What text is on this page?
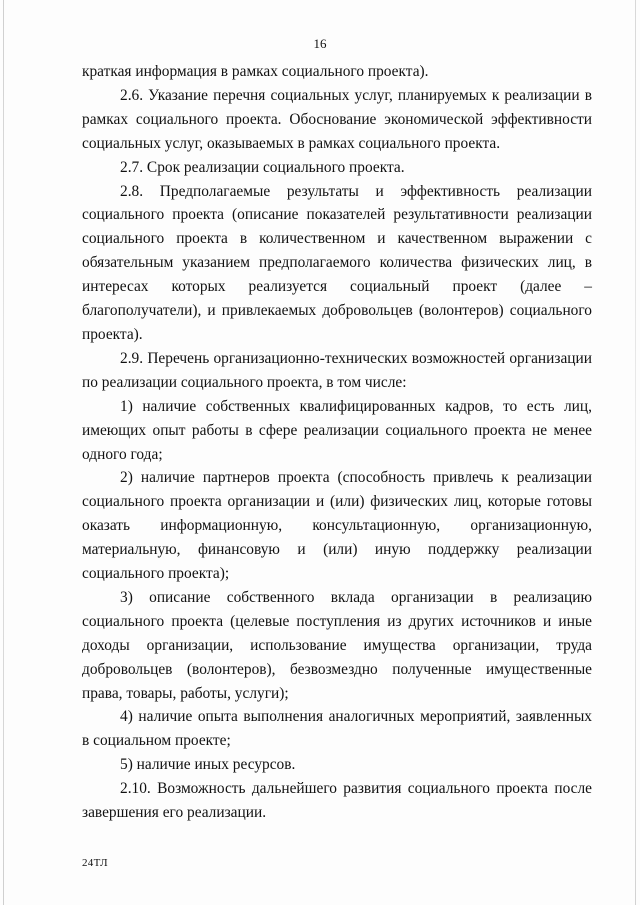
16

краткая информация в рамках социального проекта).

2.6. Указание перечня социальных услуг, планируемых к реализации в рамках социального проекта. Обоснование экономической эффективности социальных услуг, оказываемых в рамках социального проекта.

2.7. Срок реализации социального проекта.

2.8. Предполагаемые результаты и эффективность реализации социального проекта (описание показателей результативности реализации социального проекта в количественном и качественном выражении с обязательным указанием предполагаемого количества физических лиц, в интересах которых реализуется социальный проект (далее – благополучатели), и привлекаемых добровольцев (волонтеров) социального проекта).

2.9. Перечень организационно-технических возможностей организации по реализации социального проекта, в том числе:

1) наличие собственных квалифицированных кадров, то есть лиц, имеющих опыт работы в сфере реализации социального проекта не менее одного года;

2) наличие партнеров проекта (способность привлечь к реализации социального проекта организации и (или) физических лиц, которые готовы оказать информационную, консультационную, организационную, материальную, финансовую и (или) иную поддержку реализации социального проекта);

3) описание собственного вклада организации в реализацию социального проекта (целевые поступления из других источников и иные доходы организации, использование имущества организации, труда добровольцев (волонтеров), безвозмездно полученные имущественные права, товары, работы, услуги);

4) наличие опыта выполнения аналогичных мероприятий, заявленных в социальном проекте;

5) наличие иных ресурсов.

2.10. Возможность дальнейшего развития социального проекта после завершения его реализации.

24ТЛ
